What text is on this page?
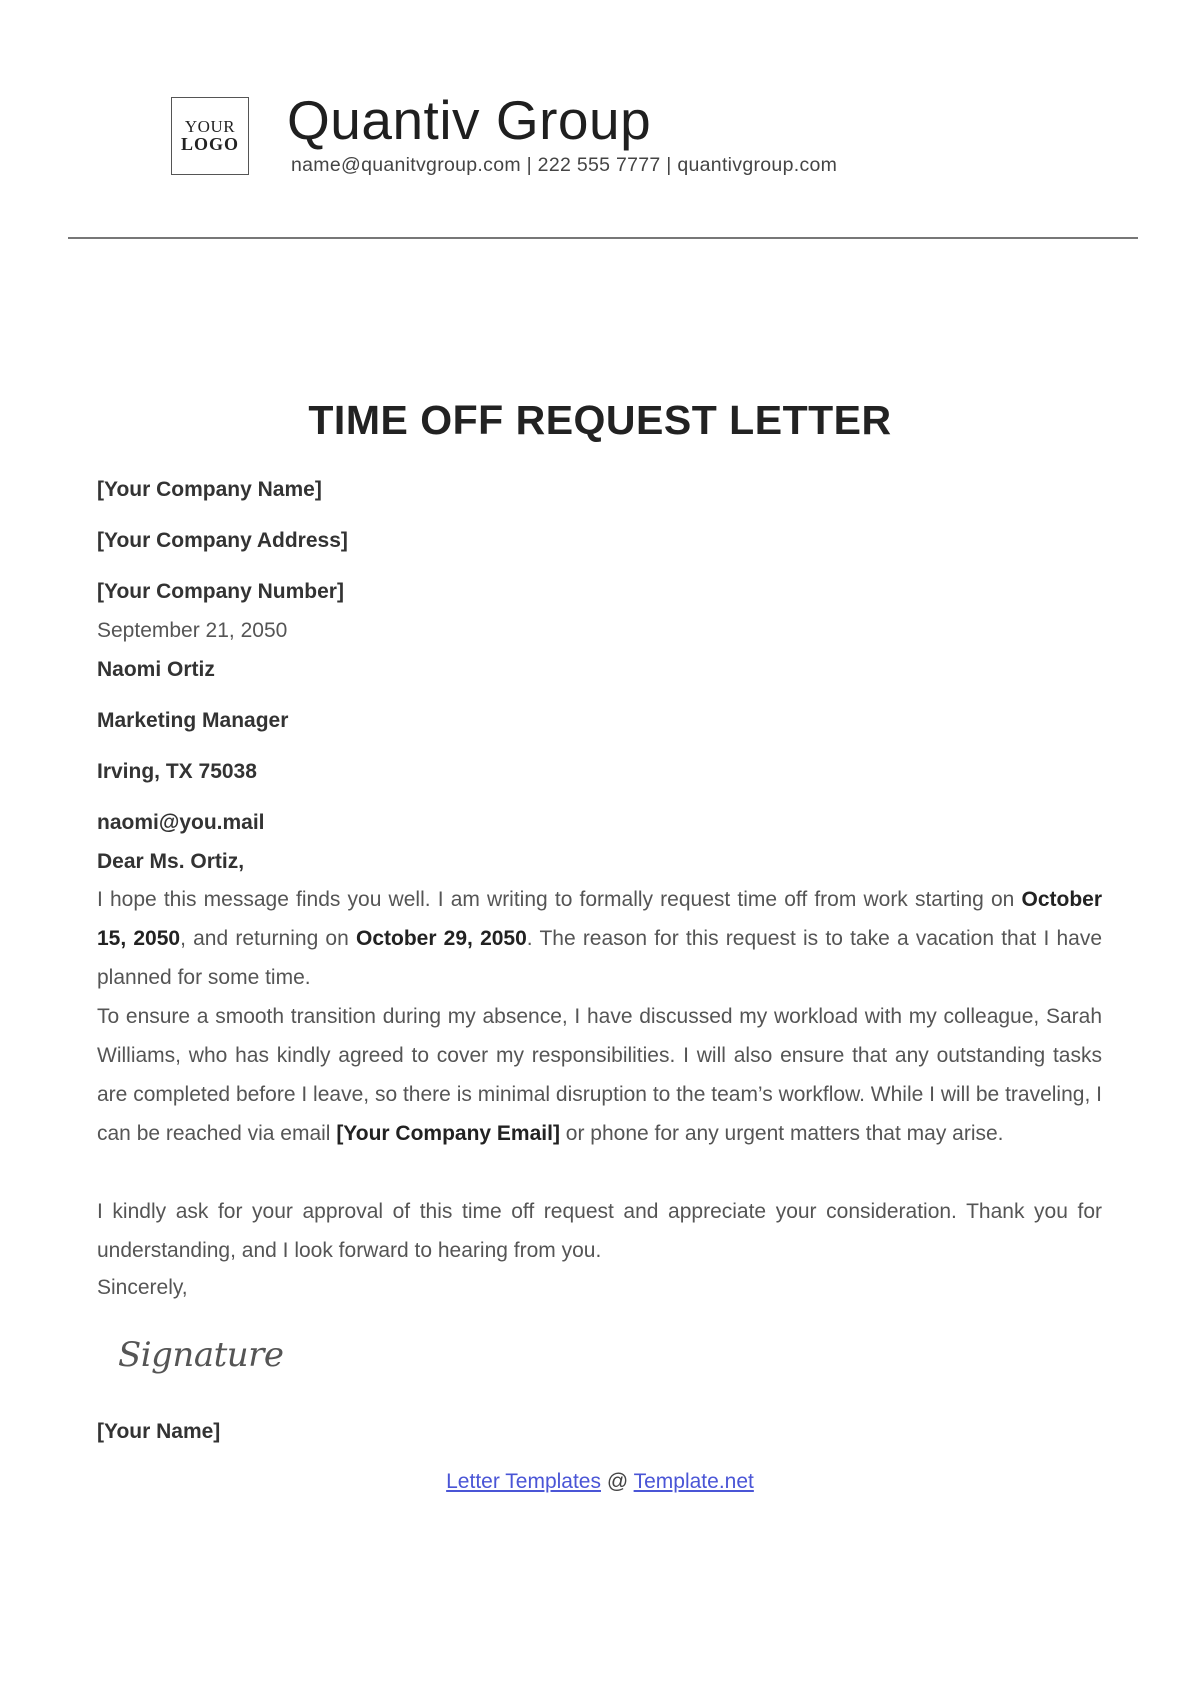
YOUR
LOGO Quantiv Group
name@quanitvgroup.com | 222 555 7777 | quantivgroup.com
TIME OFF REQUEST LETTER
[Your Company Name]
[Your Company Address]
[Your Company Number]
September 21, 2050
Naomi Ortiz
Marketing Manager
Irving, TX 75038
naomi@you.mail
Dear Ms. Ortiz,

I hope this message finds you well. I am writing to formally request time off from work starting on October 15, 2050, and returning on October 29, 2050. The reason for this request is to take a vacation that I have planned for some time.

To ensure a smooth transition during my absence, I have discussed my workload with my colleague, Sarah Williams, who has kindly agreed to cover my responsibilities. I will also ensure that any outstanding tasks are completed before I leave, so there is minimal disruption to the team’s workflow. While I will be traveling, I can be reached via email [Your Company Email] or phone for any urgent matters that may arise.

I kindly ask for your approval of this time off request and appreciate your consideration. Thank you for understanding, and I look forward to hearing from you.

Sincerely,
Signature
[Your Name]
Letter Templates @ Template.net
